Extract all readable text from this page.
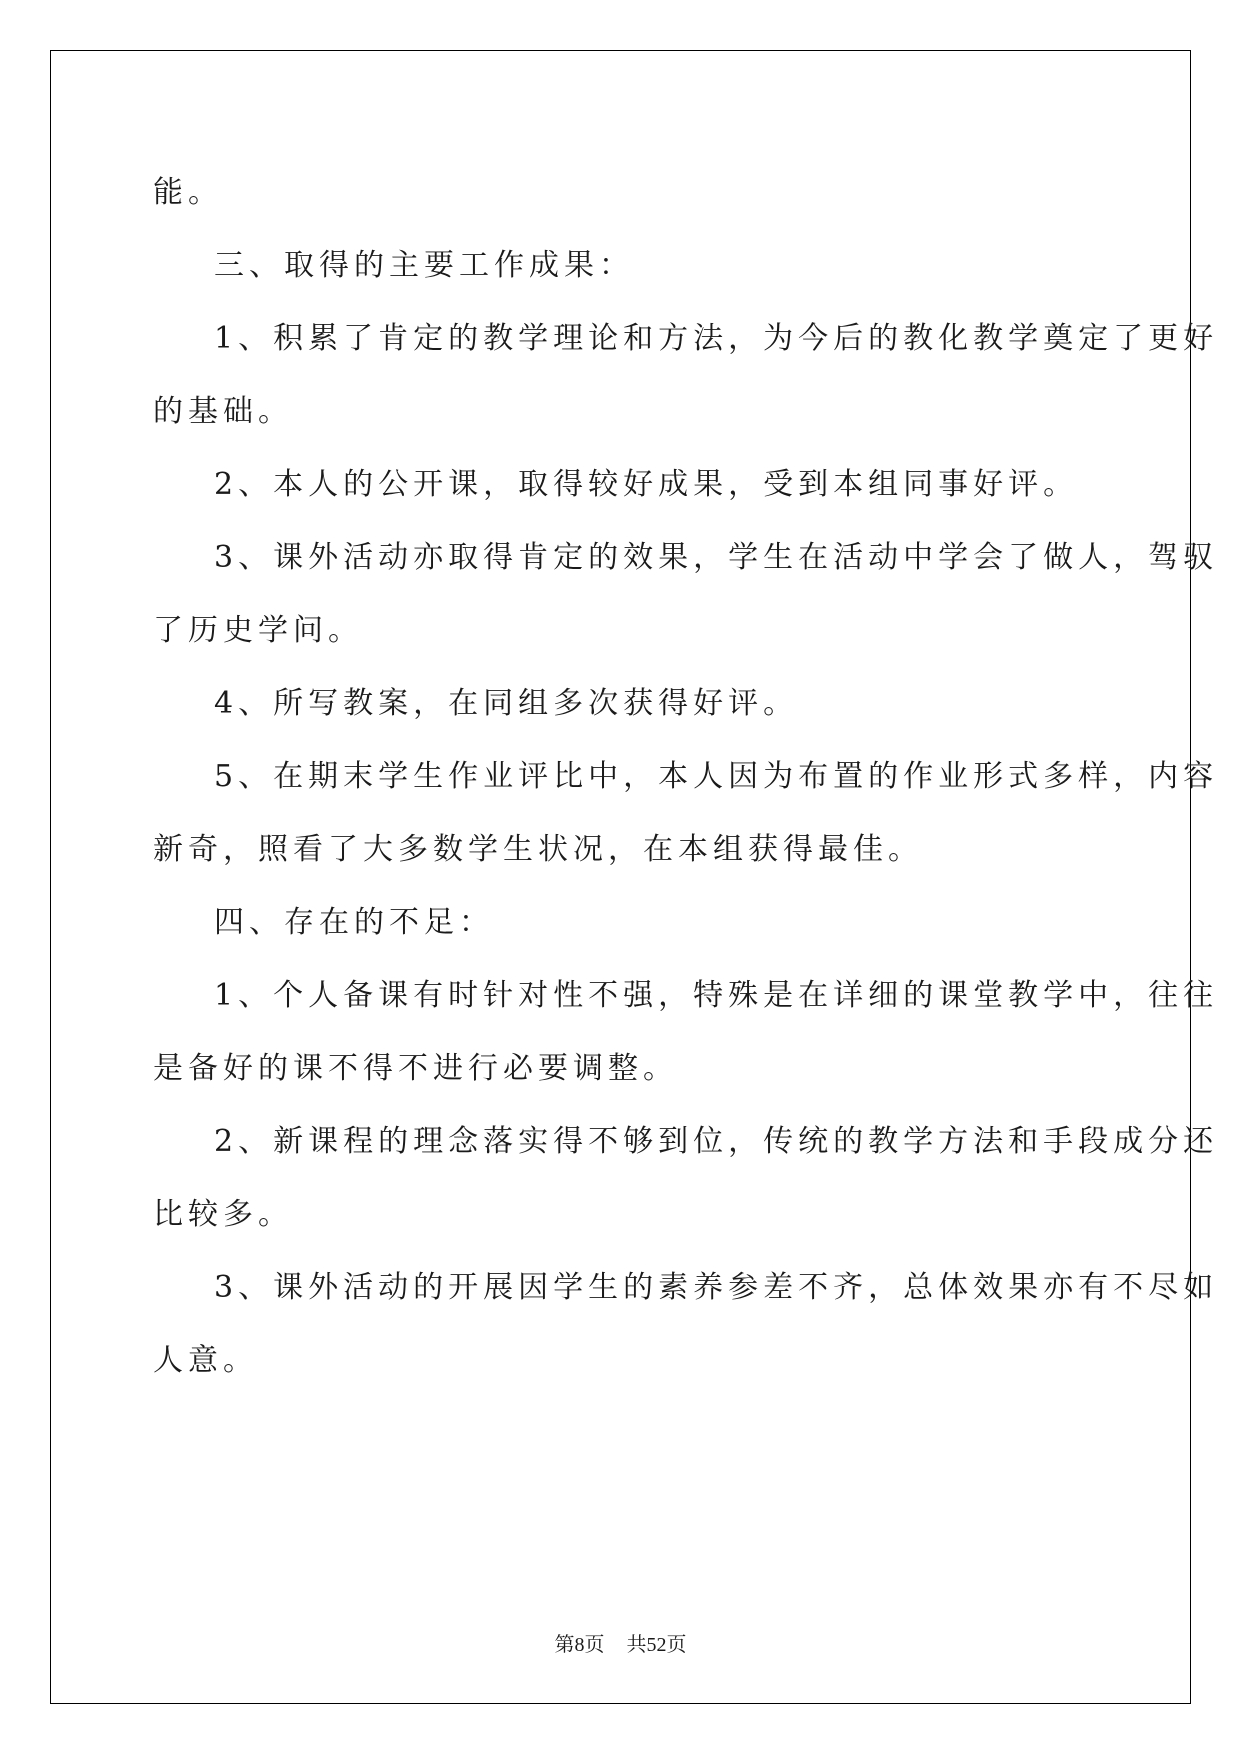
能。
三、取得的主要工作成果：
1、积累了肯定的教学理论和方法，为今后的教化教学奠定了更好
的基础。
2、本人的公开课，取得较好成果，受到本组同事好评。
3、课外活动亦取得肯定的效果，学生在活动中学会了做人，驾驭
了历史学问。
4、所写教案，在同组多次获得好评。
5、在期末学生作业评比中，本人因为布置的作业形式多样，内容
新奇，照看了大多数学生状况，在本组获得最佳。
四、存在的不足：
1、个人备课有时针对性不强，特殊是在详细的课堂教学中，往往
是备好的课不得不进行必要调整。
2、新课程的理念落实得不够到位，传统的教学方法和手段成分还
比较多。
3、课外活动的开展因学生的素养参差不齐，总体效果亦有不尽如
人意。
第8页 共52页
